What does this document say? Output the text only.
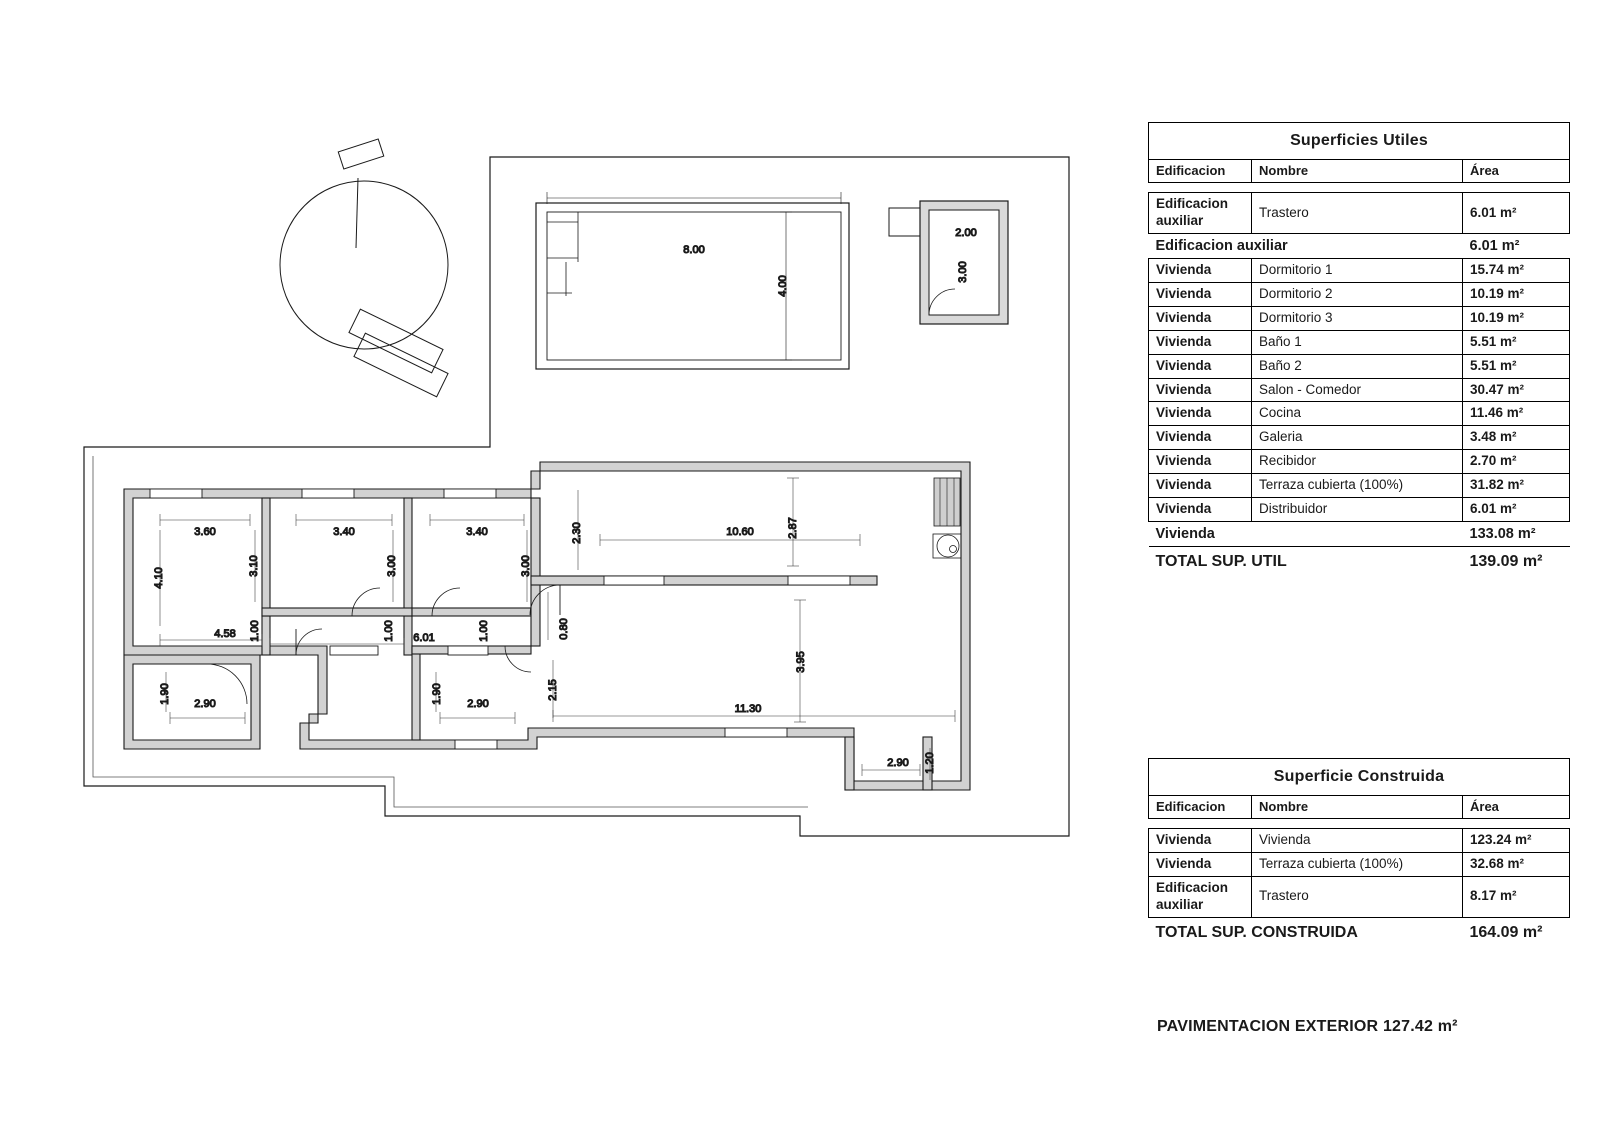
8.00
4.00
2.00
3.00
3.60	3.40	3.40
4.10
3.10	3.00	3.00
4.58	6.01
1.00	1.00	1.00	0.80
2.30
2.90
1.90	2.90
1.90	2.15
10.60	2.87
3.95
11.30
2.90 1.20
Superficies Utiles		
Edificacion	Nombre	Área

Edificacion auxiliar	Trastero	6.01 m²
Edificacion auxiliar		6.01 m²
Vivienda	Dormitorio 1	15.74 m²
Vivienda	Dormitorio 2	10.19 m²
Vivienda	Dormitorio 3	10.19 m²
Vivienda	Baño 1	5.51 m²
Vivienda	Baño 2	5.51 m²
Vivienda	Salon - Comedor	30.47 m²
Vivienda	Cocina	11.46 m²
Vivienda	Galeria	3.48 m²
Vivienda	Recibidor	2.70 m²
Vivienda	Terraza cubierta (100%)	31.82 m²
Vivienda	Distribuidor	6.01 m²
Vivienda		133.08 m²
TOTAL SUP. UTIL		139.09 m²
Superficie Construida		
Edificacion	Nombre	Área

Vivienda	Vivienda	123.24 m²
Vivienda	Terraza cubierta (100%)	32.68 m²
Edificacion auxiliar	Trastero	8.17 m²
TOTAL SUP. CONSTRUIDA		164.09 m²
PAVIMENTACION EXTERIOR 127.42 m²
